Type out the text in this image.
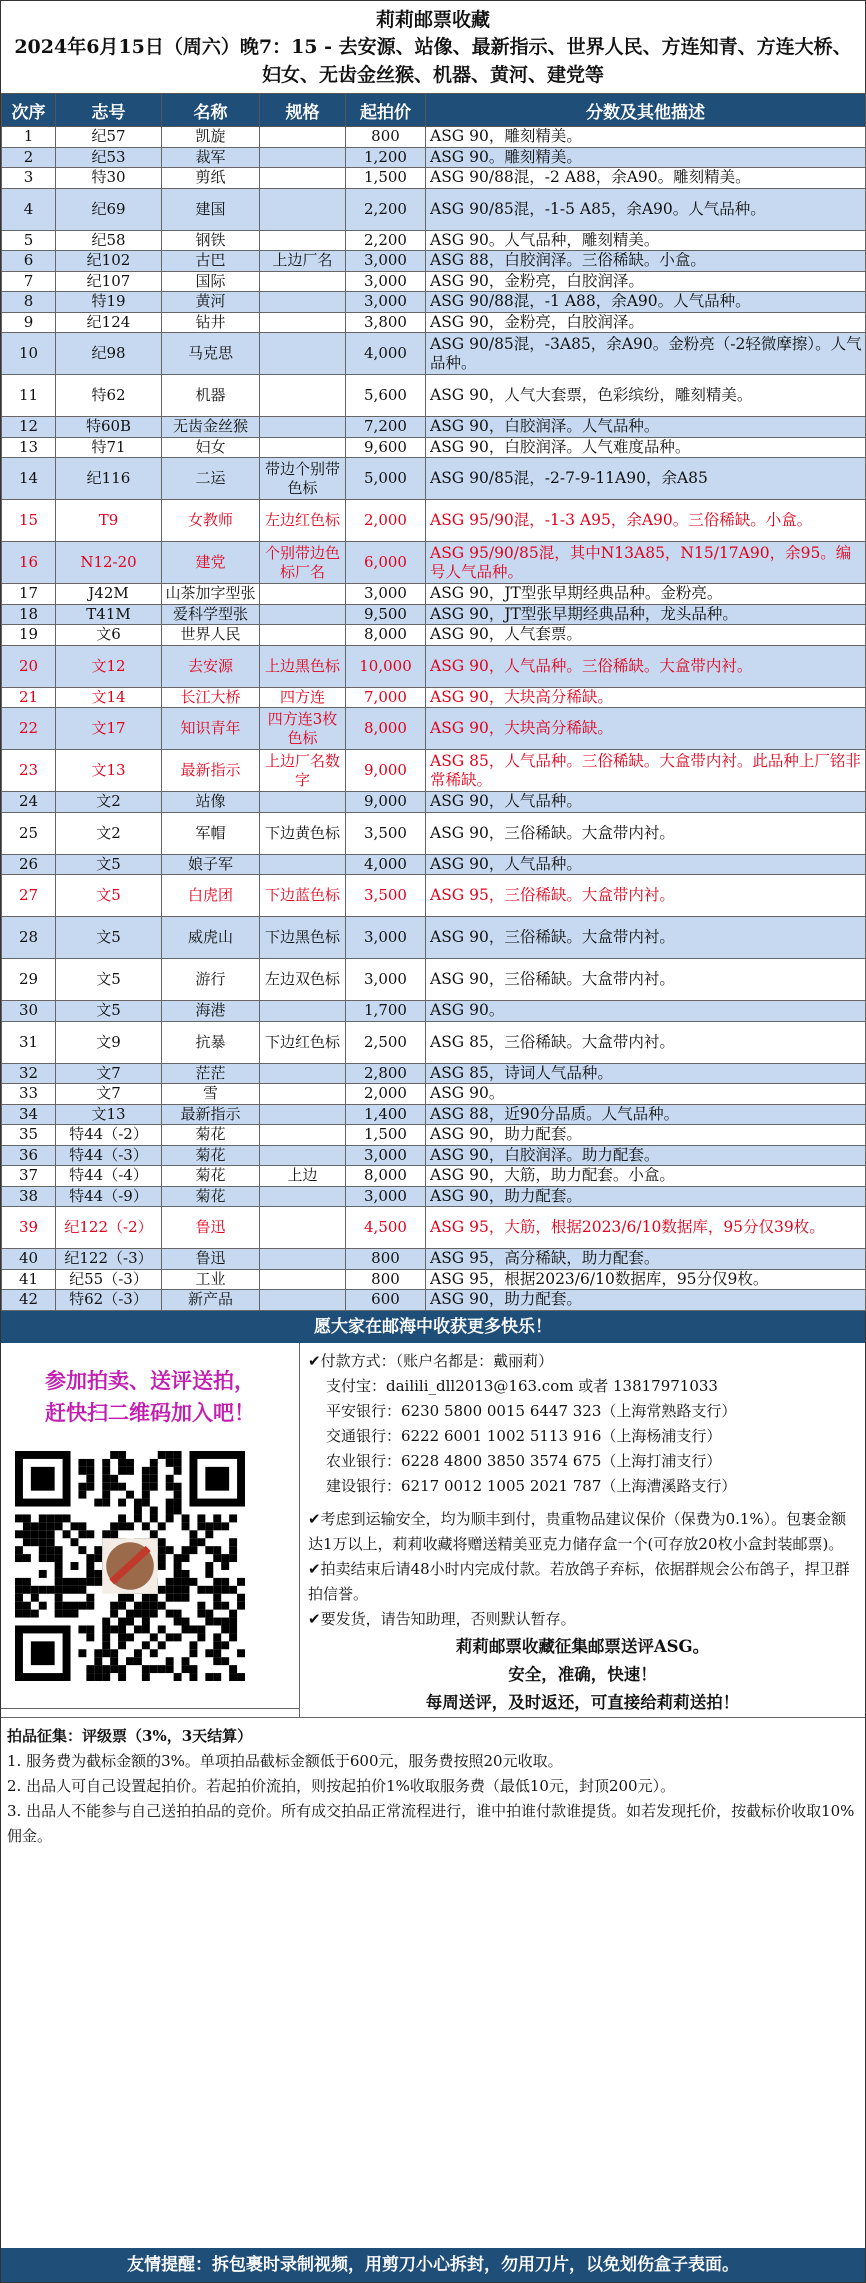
莉莉邮票收藏
2024年6月15日（周六）晚7：15 - 去安源、站像、最新指示、世界人民、方连知青、方连大桥、妇女、无齿金丝猴、机器、黄河、建党等
次序	志号	名称	规格	起拍价	分数及其他描述
1	纪57	凯旋		800	ASG 90，雕刻精美。
2	纪53	裁军		1,200	ASG 90。雕刻精美。
3	特30	剪纸		1,500	ASG 90/88混，-2 A88，余A90。雕刻精美。
4	纪69	建国		2,200	ASG 90/85混，-1-5 A85，余A90。人气品种。
5	纪58	钢铁		2,200	ASG 90。人气品种，雕刻精美。
6	纪102	古巴	上边厂名	3,000	ASG 88，白胶润泽。三俗稀缺。小盒。
7	纪107	国际		3,000	ASG 90，金粉亮，白胶润泽。
8	特19	黄河		3,000	ASG 90/88混，-1 A88，余A90。人气品种。
9	纪124	钻井		3,800	ASG 90，金粉亮，白胶润泽。
10	纪98	马克思		4,000	ASG 90/85混，-3A85，余A90。金粉亮（-2轻微摩擦）。人气品种。
11	特62	机器		5,600	ASG 90，人气大套票，色彩缤纷，雕刻精美。
12	特60B	无齿金丝猴		7,200	ASG 90，白胶润泽。人气品种。
13	特71	妇女		9,600	ASG 90，白胶润泽。人气难度品种。
14	纪116	二运	带边个别带色标	5,000	ASG 90/85混，-2-7-9-11A90，余A85
15	T9	女教师	左边红色标	2,000	ASG 95/90混，-1-3 A95，余A90。三俗稀缺。小盒。
16	N12-20	建党	个别带边色标厂名	6,000	ASG 95/90/85混，其中N13A85，N15/17A90，余95。编号人气品种。
17	J42M	山茶加字型张		3,000	ASG 90，JT型张早期经典品种。金粉亮。
18	T41M	爱科学型张		9,500	ASG 90，JT型张早期经典品种，龙头品种。
19	文6	世界人民		8,000	ASG 90，人气套票。
20	文12	去安源	上边黑色标	10,000	ASG 90，人气品种。三俗稀缺。大盒带内衬。
21	文14	长江大桥	四方连	7,000	ASG 90，大块高分稀缺。
22	文17	知识青年	四方连3枚色标	8,000	ASG 90，大块高分稀缺。
23	文13	最新指示	上边厂名数字	9,000	ASG 85，人气品种。三俗稀缺。大盒带内衬。此品种上厂铭非常稀缺。
24	文2	站像		9,000	ASG 90，人气品种。
25	文2	军帽	下边黄色标	3,500	ASG 90，三俗稀缺。大盒带内衬。
26	文5	娘子军		4,000	ASG 90，人气品种。
27	文5	白虎团	下边蓝色标	3,500	ASG 95，三俗稀缺。大盒带内衬。
28	文5	威虎山	下边黑色标	3,000	ASG 90，三俗稀缺。大盒带内衬。
29	文5	游行	左边双色标	3,000	ASG 90，三俗稀缺。大盒带内衬。
30	文5	海港		1,700	ASG 90。
31	文9	抗暴	下边红色标	2,500	ASG 85，三俗稀缺。大盒带内衬。
32	文7	茫茫		2,800	ASG 85，诗词人气品种。
33	文7	雪		2,000	ASG 90。
34	文13	最新指示		1,400	ASG 88，近90分品质。人气品种。
35	特44（-2）	菊花		1,500	ASG 90，助力配套。
36	特44（-3）	菊花		3,000	ASG 90，白胶润泽。助力配套。
37	特44（-4）	菊花	上边	8,000	ASG 90，大筋，助力配套。小盒。
38	特44（-9）	菊花		3,000	ASG 90，助力配套。
39	纪122（-2）	鲁迅		4,500	ASG 95，大筋，根据2023/6/10数据库，95分仅39枚。
40	纪122（-3）	鲁迅		800	ASG 95，高分稀缺，助力配套。
41	纪55（-3）	工业		800	ASG 95，根据2023/6/10数据库，95分仅9枚。
42	特62（-3）	新产品		600	ASG 90，助力配套。
愿大家在邮海中收获更多快乐！
参加拍卖、送评送拍，
赶快扫二维码加入吧！
✔付款方式：（账户名都是：戴丽莉）
支付宝：dailili_dll2013@163.com 或者 13817971033
平安银行：6230 5800 0015 6447 323（上海常熟路支行）
交通银行：6222 6001 1002 5113 916（上海杨浦支行）
农业银行：6228 4800 3850 3574 675（上海打浦支行）
建设银行：6217 0012 1005 2021 787（上海漕溪路支行）
✔考虑到运输安全，均为顺丰到付，贵重物品建议保价（保费为0.1%）。包裹金额达1万以上，莉莉收藏将赠送精美亚克力储存盒一个(可存放20枚小盒封装邮票)。
✔拍卖结束后请48小时内完成付款。若放鸽子弃标，依据群规会公布鸽子，捍卫群拍信誉。
✔要发货，请告知助理，否则默认暂存。
莉莉邮票收藏征集邮票送评ASG。
安全，准确，快速！
每周送评，及时返还，可直接给莉莉送拍！
拍品征集：评级票（3%，3天结算）
1. 服务费为截标金额的3%。单项拍品截标金额低于600元，服务费按照20元收取。
2. 出品人可自己设置起拍价。若起拍价流拍，则按起拍价1%收取服务费（最低10元，封顶200元）。
3. 出品人不能参与自己送拍拍品的竞价。所有成交拍品正常流程进行，谁中拍谁付款谁提货。如若发现托价，按截标价收取10%佣金。
友情提醒：拆包裹时录制视频，用剪刀小心拆封，勿用刀片，以免划伤盒子表面。
